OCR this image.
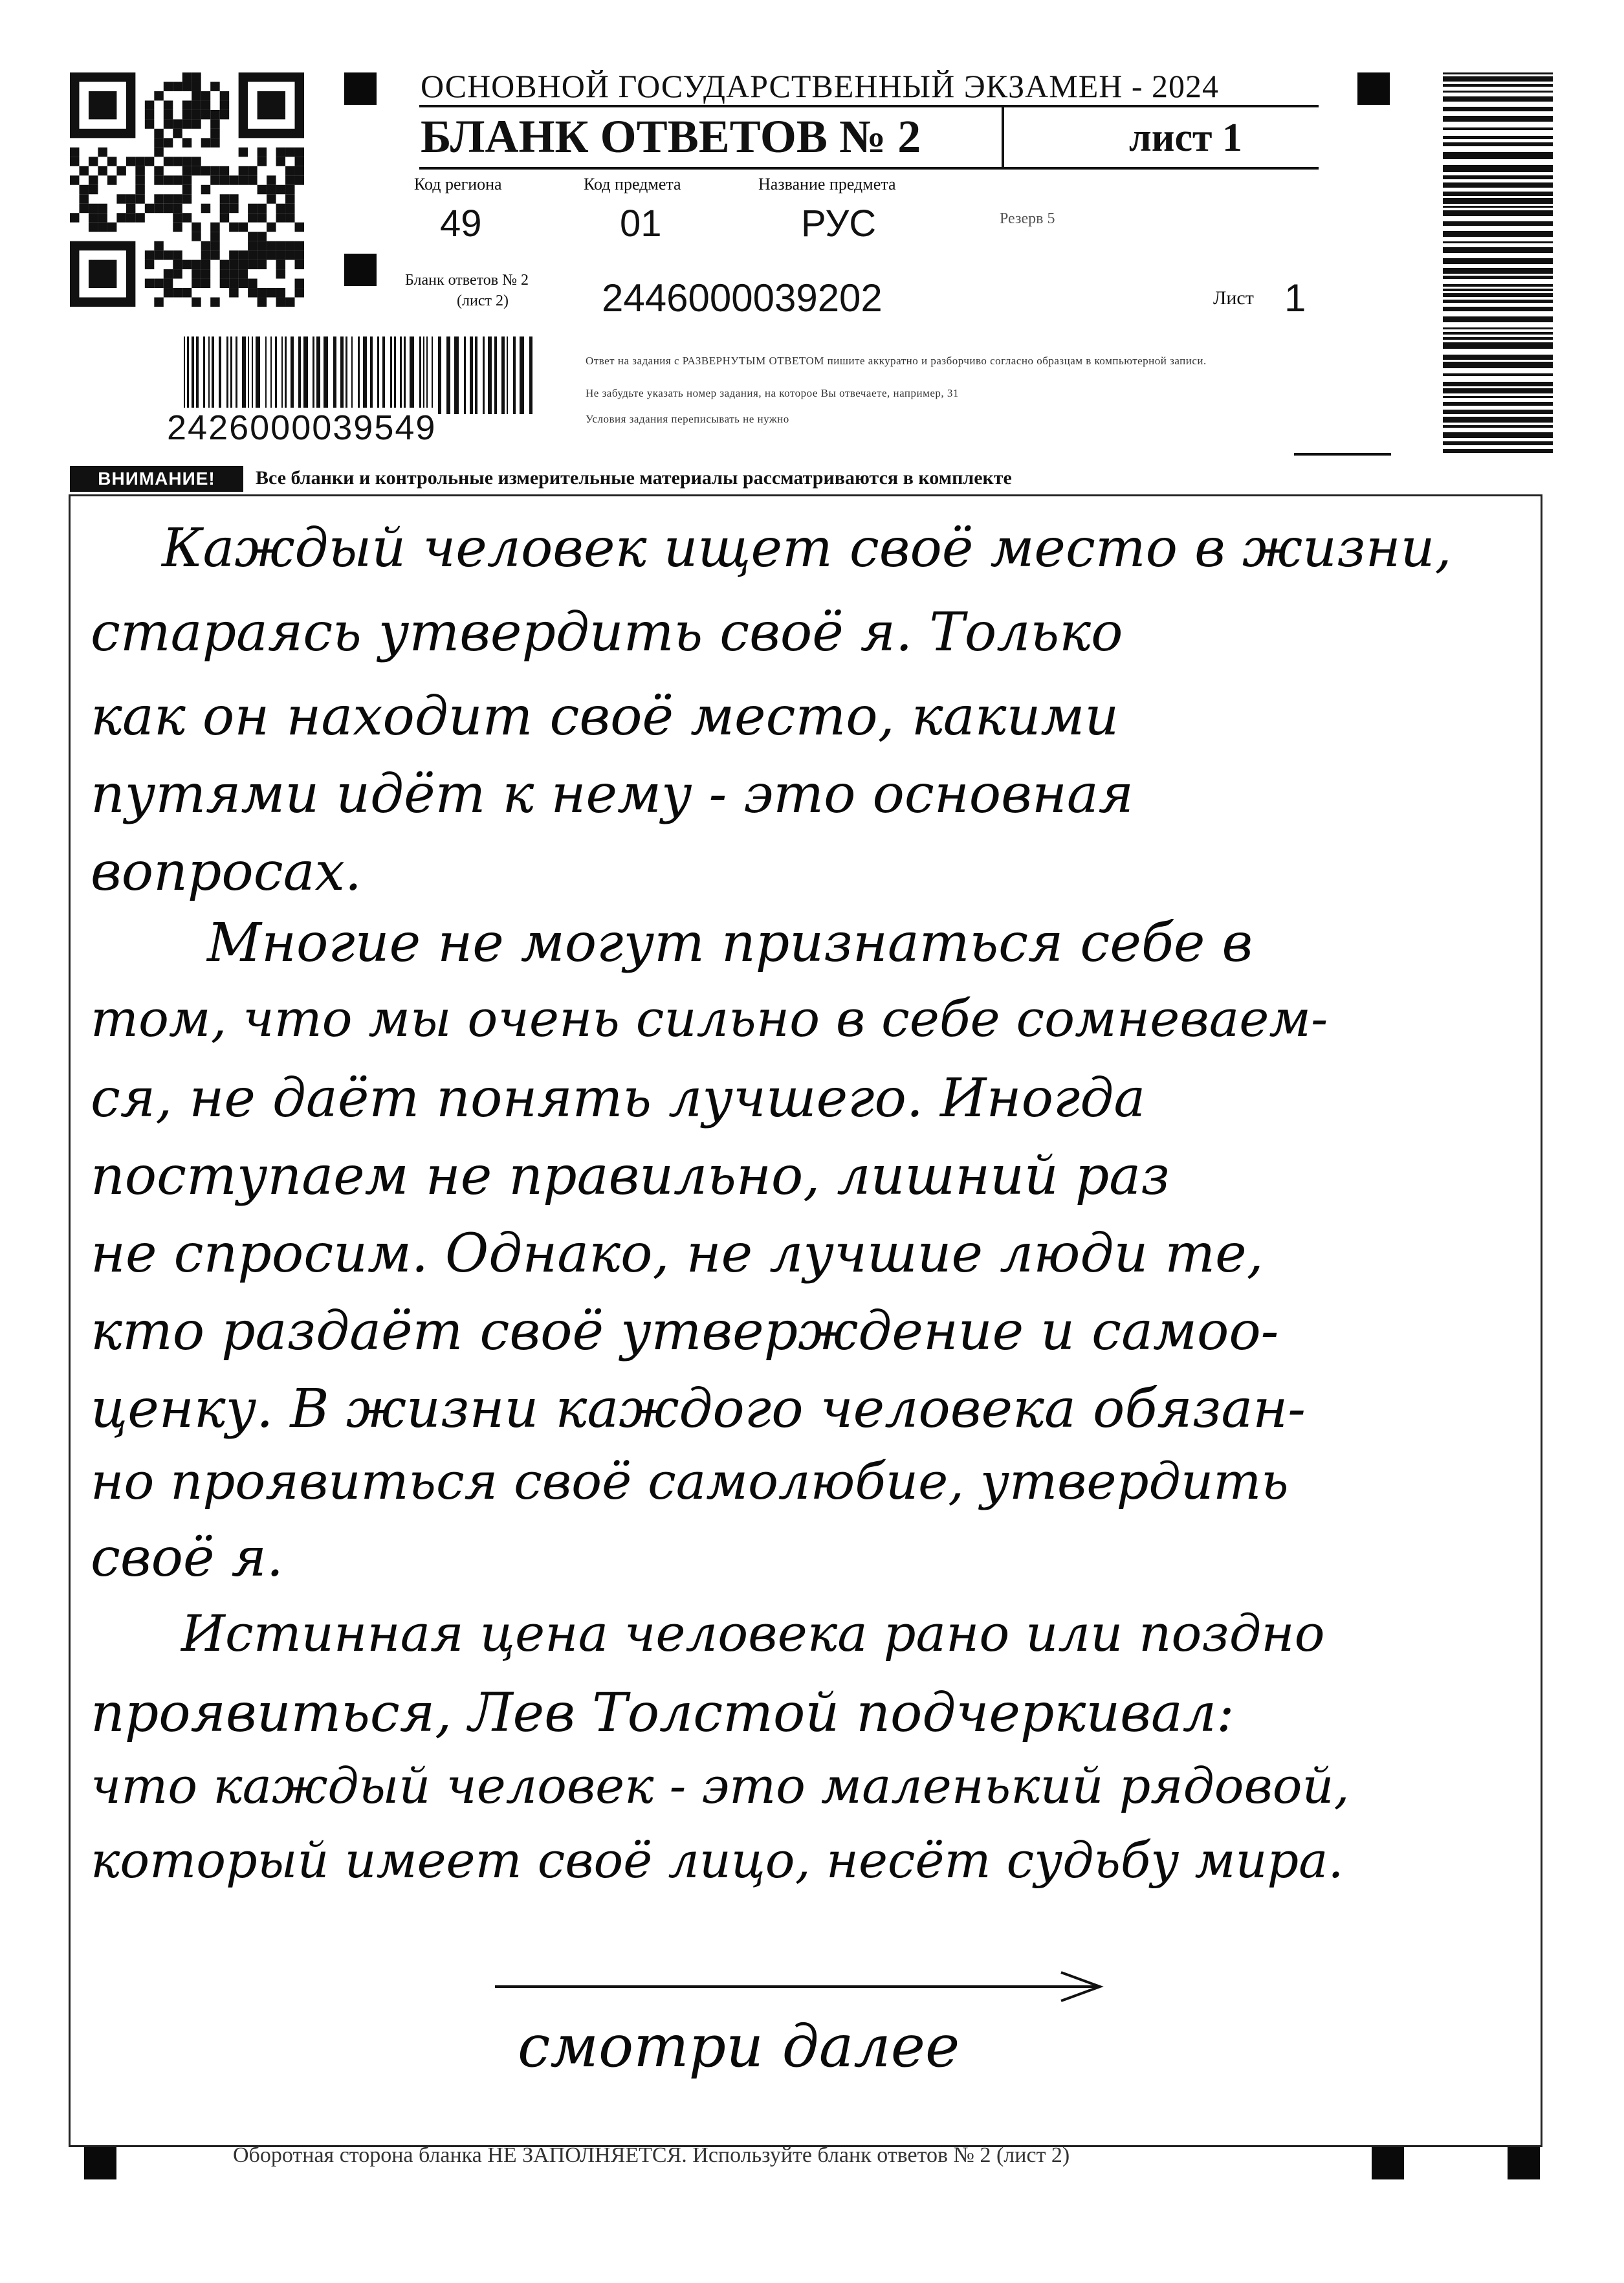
ОСНОВНОЙ ГОСУДАРСТВЕННЫЙ ЭКЗАМЕН - 2024
БЛАНК ОТВЕТОВ № 2	лист 1
Код региона
49
Код предмета
01
Название предмета
РУС	Резерв 5
Бланк ответов № 2
(лист 2) 2446000039202	Лист 1
2426000039549
Ответ на задания с РАЗВЕРНУТЫМ ОТВЕТОМ пишите аккуратно и разборчиво согласно образцам в компьютерной записи.
Не забудьте указать номер задания, на которое Вы отвечаете, например, 31
Условия задания переписывать не нужно
ВНИМАНИЕ!	Все бланки и контрольные измерительные материалы рассматриваются в комплекте
Каждый человек ищет своё место в жизни,
стараясь утвердить своё я. Только
как он находит своё место, какими
путями идёт к нему - это основная
вопросах.
Многие не могут признаться себе в
том, что мы очень сильно в себе сомневаем-
ся, не даёт понять лучшего. Иногда
поступаем не правильно, лишний раз
не спросим. Однако, не лучшие люди те,
кто раздаёт своё утверждение и самоо-
ценку. В жизни каждого человека обязан-
но проявиться своё самолюбие, утвердить
своё я.
Истинная цена человека рано или поздно
проявиться, Лев Толстой подчеркивал:
что каждый человек - это маленький рядовой,
который имеет своё лицо, несёт судьбу мира.
смотри далее
Оборотная сторона бланка НЕ ЗАПОЛНЯЕТСЯ. Используйте бланк ответов № 2 (лист 2)
